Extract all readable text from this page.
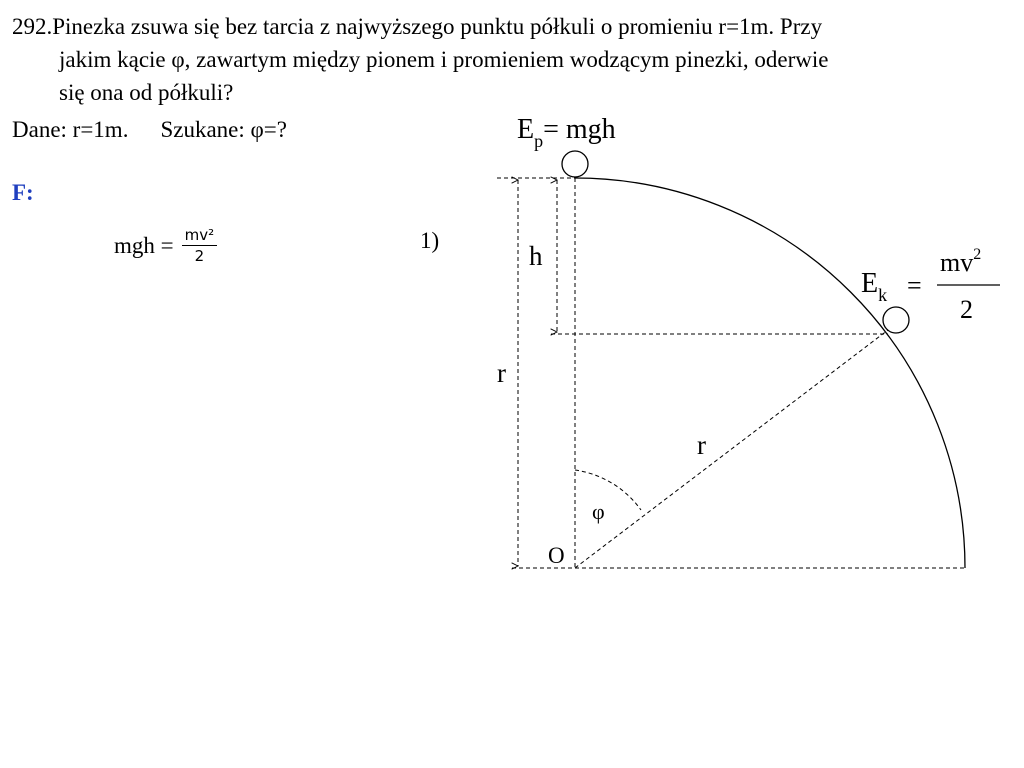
292.Pinezka zsuwa się bez tarcia z najwyższego punktu półkuli o promieniu r=1m. Przy
jakim kącie φ, zawartym między pionem i promieniem wodzącym pinezki, oderwie
się ona od półkuli?
Dane: r=1m. Szukane: φ=?
F:
mgh = $\frac{\text{mv²}}{2}$	1)
$E_p=$ mgh
$E_k$ =
$mv^2$
2
h
r
r
φ
O
